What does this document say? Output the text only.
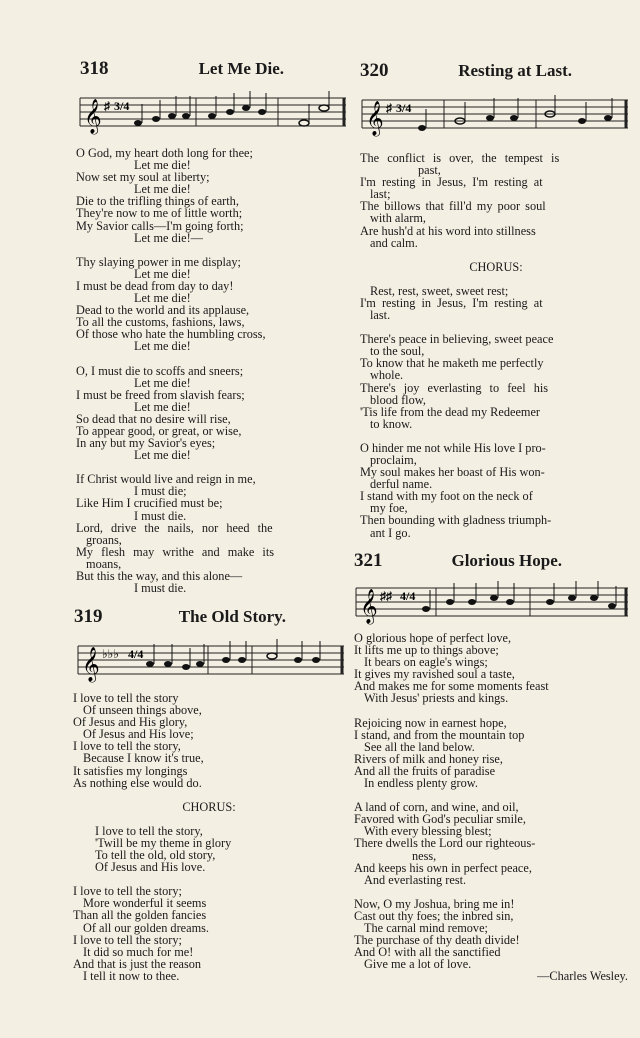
318	Let Me Die.
𝄞 ♯ 3/4
O God, my heart doth long for thee;
Let me die!
Now set my soul at liberty;
Let me die!
Die to the trifling things of earth,
They're now to me of little worth;
My Savior calls—I'm going forth;
Let me die!—
Thy slaying power in me display;
Let me die!
I must be dead from day to day!
Let me die!
Dead to the world and its applause,
To all the customs, fashions, laws,
Of those who hate the humbling cross,
Let me die!
O, I must die to scoffs and sneers;
Let me die!
I must be freed from slavish fears;
Let me die!
So dead that no desire will rise,
To appear good, or great, or wise,
In any but my Savior's eyes;
Let me die!
If Christ would live and reign in me,
I must die;
Like Him I crucified must be;
I must die.
Lord, drive the nails, nor heed the
groans,
My flesh may writhe and make its
moans,
But this the way, and this alone—
I must die.
319	The Old Story.
𝄞 ♭♭♭ 4/4
I love to tell the story
Of unseen things above,
Of Jesus and His glory,
Of Jesus and His love;
I love to tell the story,
Because I know it's true,
It satisfies my longings
As nothing else would do.
CHORUS:
I love to tell the story,
'Twill be my theme in glory
To tell the old, old story,
Of Jesus and His love.
I love to tell the story;
More wonderful it seems
Than all the golden fancies
Of all our golden dreams.
I love to tell the story;
It did so much for me!
And that is just the reason
I tell it now to thee.
320	Resting at Last.
𝄞 ♯ 3/4
The conflict is over, the tempest is
past,
I'm resting in Jesus, I'm resting at
last;
The billows that fill'd my poor soul
with alarm,
Are hush'd at his word into stillness
and calm.
CHORUS:
Rest, rest, sweet, sweet rest;
I'm resting in Jesus, I'm resting at
last.
There's peace in believing, sweet peace
to the soul,
To know that he maketh me perfectly
whole.
There's joy everlasting to feel his
blood flow,
'Tis life from the dead my Redeemer
to know.
O hinder me not while His love I pro-
proclaim,
My soul makes her boast of His won-
derful name.
I stand with my foot on the neck of
my foe,
Then bounding with gladness triumph-
ant I go.
321	Glorious Hope.
𝄞 ♯♯ 4/4
O glorious hope of perfect love,
It lifts me up to things above;
It bears on eagle's wings;
It gives my ravished soul a taste,
And makes me for some moments feast
With Jesus' priests and kings.
Rejoicing now in earnest hope,
I stand, and from the mountain top
See all the land below.
Rivers of milk and honey rise,
And all the fruits of paradise
In endless plenty grow.
A land of corn, and wine, and oil,
Favored with God's peculiar smile,
With every blessing blest;
There dwells the Lord our righteous-
ness,
And keeps his own in perfect peace,
And everlasting rest.
Now, O my Joshua, bring me in!
Cast out thy foes; the inbred sin,
The carnal mind remove;
The purchase of thy death divide!
And O! with all the sanctified
Give me a lot of love.
—Charles Wesley.
